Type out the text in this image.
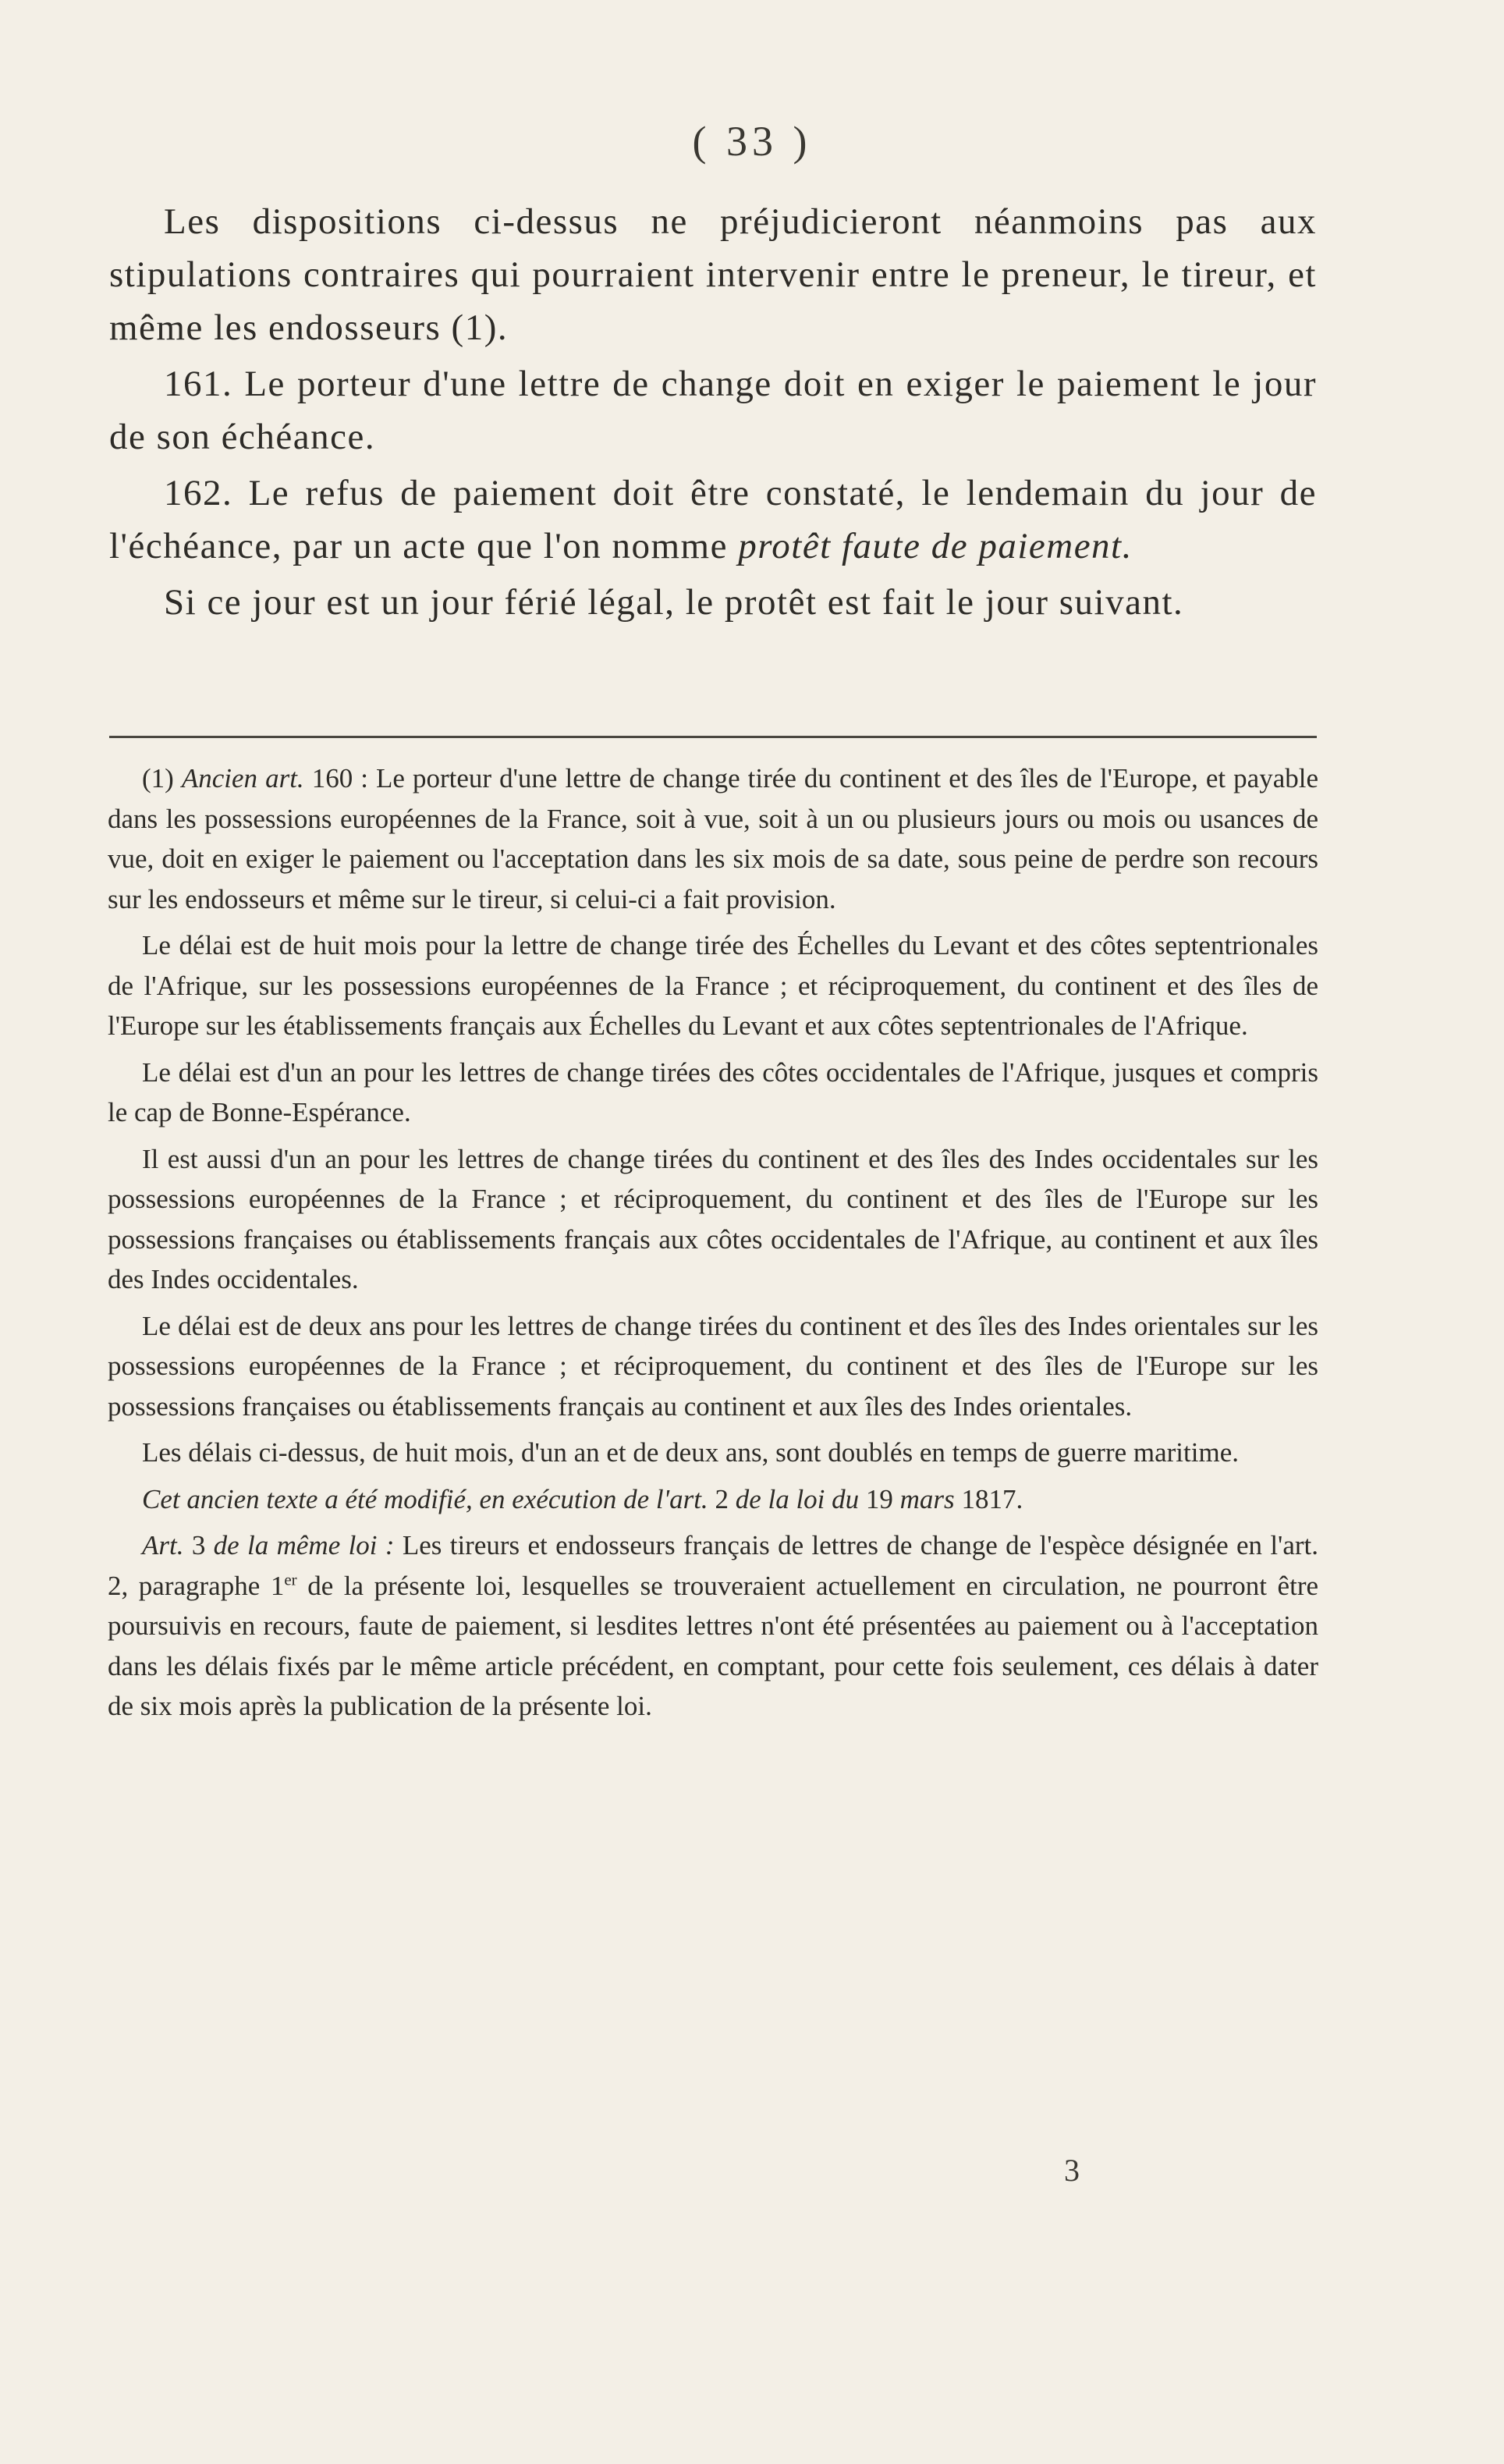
( 33 )

Les dispositions ci-dessus ne préjudicieront néanmoins pas aux stipulations contraires qui pourraient intervenir entre le preneur, le tireur, et même les endosseurs (1).

161. Le porteur d'une lettre de change doit en exiger le paiement le jour de son échéance.

162. Le refus de paiement doit être constaté, le lendemain du jour de l'échéance, par un acte que l'on nomme protêt faute de paiement.

Si ce jour est un jour férié légal, le protêt est fait le jour suivant.

(1) Ancien art. 160 : Le porteur d'une lettre de change tirée du continent et des îles de l'Europe, et payable dans les possessions européennes de la France, soit à vue, soit à un ou plusieurs jours ou mois ou usances de vue, doit en exiger le paiement ou l'acceptation dans les six mois de sa date, sous peine de perdre son recours sur les endosseurs et même sur le tireur, si celui-ci a fait provision.

Le délai est de huit mois pour la lettre de change tirée des Échelles du Levant et des côtes septentrionales de l'Afrique, sur les possessions européennes de la France ; et réciproquement, du continent et des îles de l'Europe sur les établissements français aux Échelles du Levant et aux côtes septentrionales de l'Afrique.

Le délai est d'un an pour les lettres de change tirées des côtes occidentales de l'Afrique, jusques et compris le cap de Bonne-Espérance.

Il est aussi d'un an pour les lettres de change tirées du continent et des îles des Indes occidentales sur les possessions européennes de la France ; et réciproquement, du continent et des îles de l'Europe sur les possessions françaises ou établissements français aux côtes occidentales de l'Afrique, au continent et aux îles des Indes occidentales.

Le délai est de deux ans pour les lettres de change tirées du continent et des îles des Indes orientales sur les possessions européennes de la France ; et réciproquement, du continent et des îles de l'Europe sur les possessions françaises ou établissements français au continent et aux îles des Indes orientales.

Les délais ci-dessus, de huit mois, d'un an et de deux ans, sont doublés en temps de guerre maritime.

Cet ancien texte a été modifié, en exécution de l'art. 2 de la loi du 19 mars 1817.

Art. 3 de la même loi : Les tireurs et endosseurs français de lettres de change de l'espèce désignée en l'art. 2, paragraphe 1er de la présente loi, lesquelles se trouveraient actuellement en circulation, ne pourront être poursuivis en recours, faute de paiement, si lesdites lettres n'ont été présentées au paiement ou à l'acceptation dans les délais fixés par le même article précédent, en comptant, pour cette fois seulement, ces délais à dater de six mois après la publication de la présente loi.

3
